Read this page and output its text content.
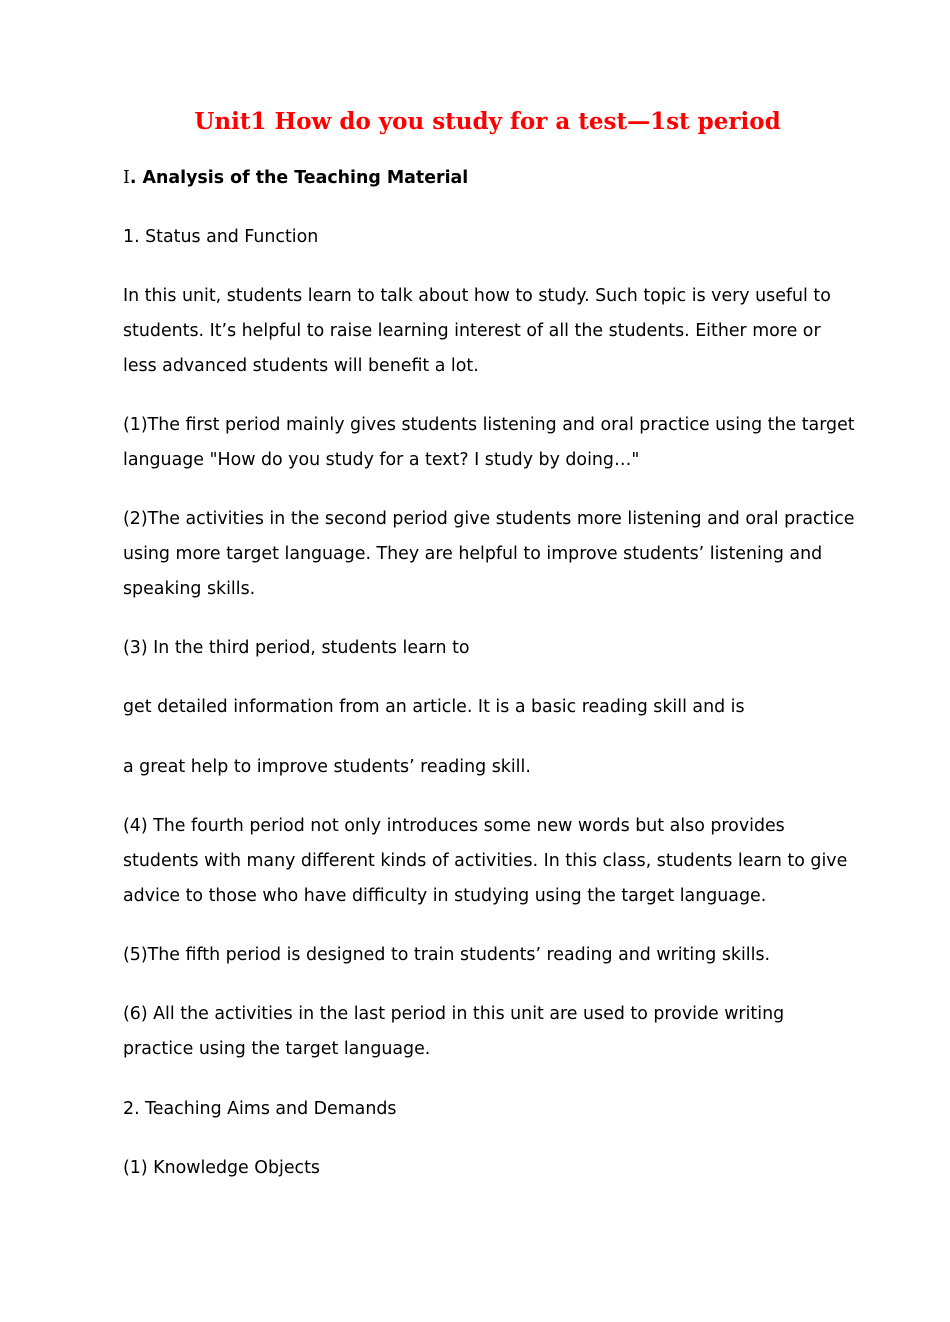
Unit1 How do you study for a test—1st period
Ⅰ. Analysis of the Teaching Material
1. Status and Function
In this unit, students learn to talk about how to study. Such topic is very useful to students. It’s helpful to raise learning interest of all the students. Either more or less advanced students will benefit a lot.
(1)The first period mainly gives students listening and oral practice using the target language "How do you study for a text? I study by doing…"
(2)The activities in the second period give students more listening and oral practice using more target language. They are helpful to improve students’ listening and speaking skills.
(3) In the third period, students learn to
get detailed information from an article. It is a basic reading skill and is
a great help to improve students’ reading skill.
(4) The fourth period not only introduces some new words but also provides students with many different kinds of activities. In this class, students learn to give advice to those who have difficulty in studying using the target language.
(5)The fifth period is designed to train students’ reading and writing skills.
(6) All the activities in the last period in this unit are used to provide writing practice using the target language.
2. Teaching Aims and Demands
(1) Knowledge Objects
